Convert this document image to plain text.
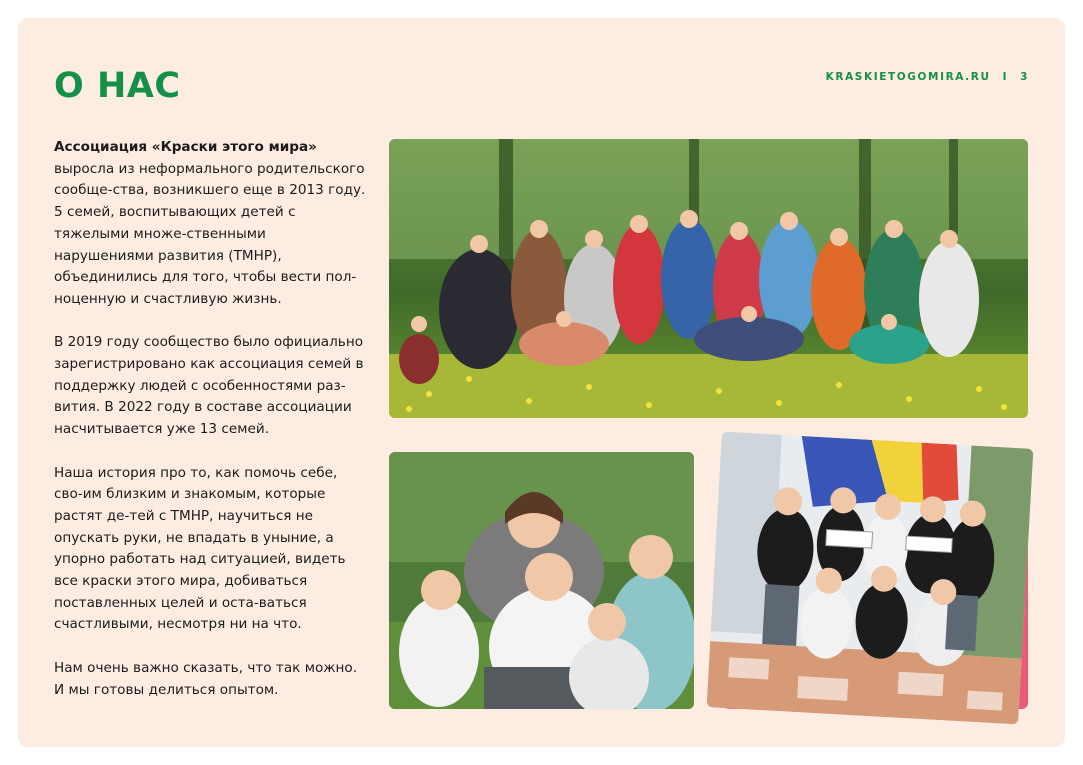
О НАС	KRASKIETOGOMIRA.RU I 3

Ассоциация «Краски этого мира» выросла из неформального родительского сообще-ства, возникшего еще в 2013 году. 5 семей, воспитывающих детей с тяжелыми множе-ственными нарушениями развития (ТМНР), объединились для того, чтобы вести пол-ноценную и счастливую жизнь.

В 2019 году сообщество было официально зарегистрировано как ассоциация семей в поддержку людей с особенностями раз-вития. В 2022 году в составе ассоциации насчитывается уже 13 семей.

Наша история про то, как помочь себе, сво-им близким и знакомым, которые растят де-тей с ТМНР, научиться не опускать руки, не впадать в уныние, а упорно работать над ситуацией, видеть все краски этого мира, добиваться поставленных целей и оста-ваться счастливыми, несмотря ни на что.

Нам очень важно сказать, что так можно. И мы готовы делиться опытом.
